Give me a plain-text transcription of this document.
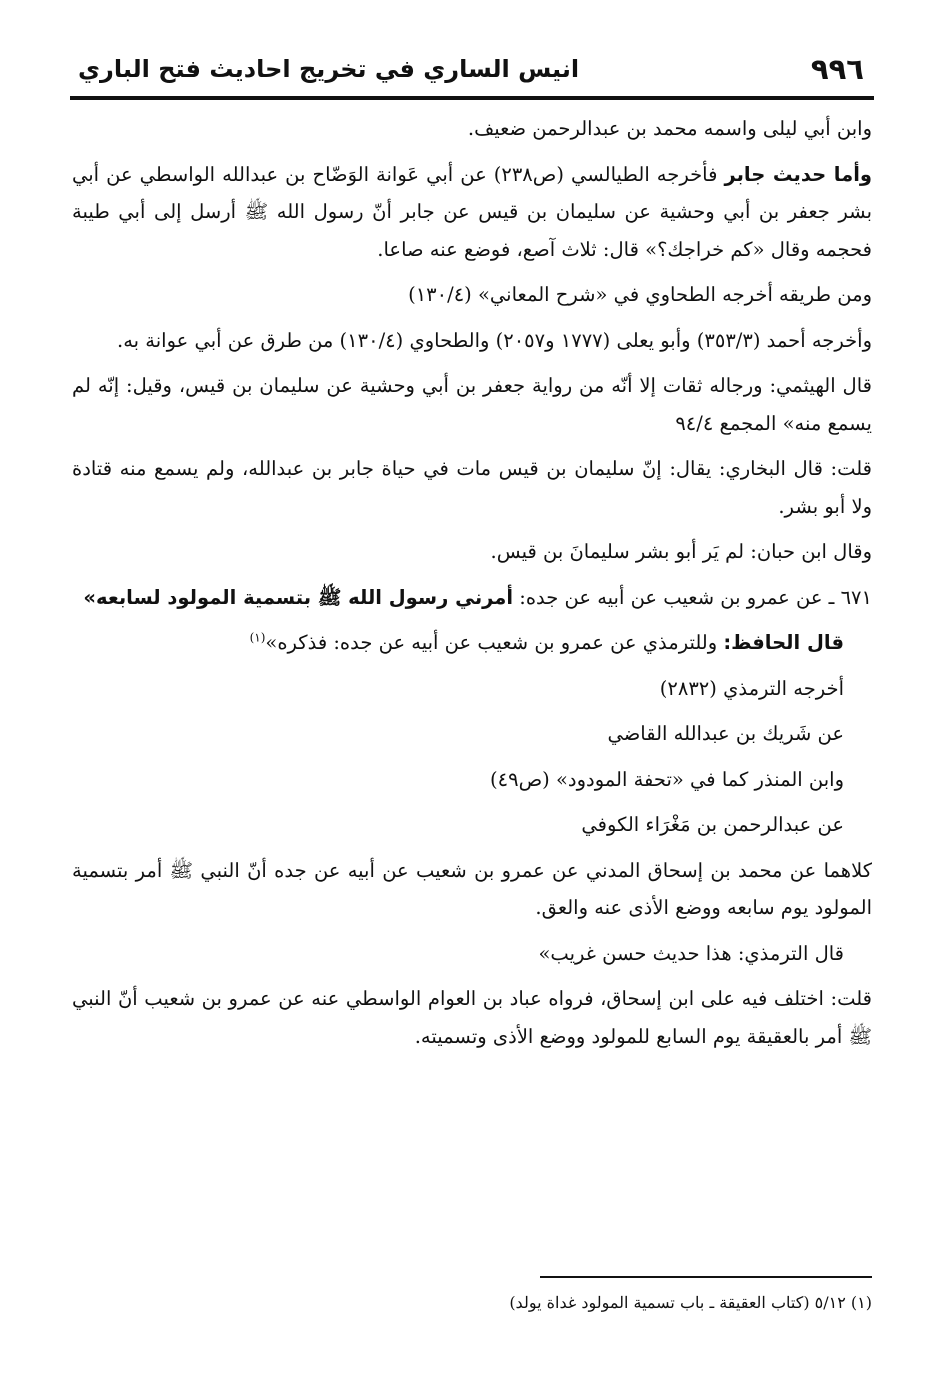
٩٩٦
انيس الساري في تخريج احاديث فتح الباري

وابن أبي ليلى واسمه محمد بن عبدالرحمن ضعيف.

وأما حديث جابر فأخرجه الطيالسي (ص٢٣٨) عن أبي عَوانة الوَضّاح بن عبدالله الواسطي عن أبي بشر جعفر بن أبي وحشية عن سليمان بن قيس عن جابر أنّ رسول الله ﷺ أرسل إلى أبي طيبة فحجمه وقال «كم خراجك؟» قال: ثلاث آصع، فوضع عنه صاعا.

ومن طريقه أخرجه الطحاوي في «شرح المعاني» (١٣٠/٤)

وأخرجه أحمد (٣٥٣/٣) وأبو يعلى (١٧٧٧ و٢٠٥٧) والطحاوي (١٣٠/٤) من طرق عن أبي عوانة به.

قال الهيثمي: ورجاله ثقات إلا أنّه من رواية جعفر بن أبي وحشية عن سليمان بن قيس، وقيل: إنّه لم يسمع منه» المجمع ٩٤/٤

قلت: قال البخاري: يقال: إنّ سليمان بن قيس مات في حياة جابر بن عبدالله، ولم يسمع منه قتادة ولا أبو بشر.

وقال ابن حبان: لم يَر أبو بشر سليمانَ بن قيس.

٦٧١ ـ عن عمرو بن شعيب عن أبيه عن جده: أمرني رسول الله ﷺ بتسمية المولود لسابعه»

قال الحافظ: وللترمذي عن عمرو بن شعيب عن أبيه عن جده: فذكره»$^{(١)}$

أخرجه الترمذي (٢٨٣٢)

عن شَريك بن عبدالله القاضي

وابن المنذر كما في «تحفة المودود» (ص٤٩)

عن عبدالرحمن بن مَغْرَاء الكوفي

كلاهما عن محمد بن إسحاق المدني عن عمرو بن شعيب عن أبيه عن جده أنّ النبي ﷺ أمر بتسمية المولود يوم سابعه ووضع الأذى عنه والعق.

قال الترمذي: هذا حديث حسن غريب»

قلت: اختلف فيه على ابن إسحاق، فرواه عباد بن العوام الواسطي عنه عن عمرو بن شعيب أنّ النبي ﷺ أمر بالعقيقة يوم السابع للمولود ووضع الأذى وتسميته.

(١) ٥/١٢ (كتاب العقيقة ـ باب تسمية المولود غداة يولد)
